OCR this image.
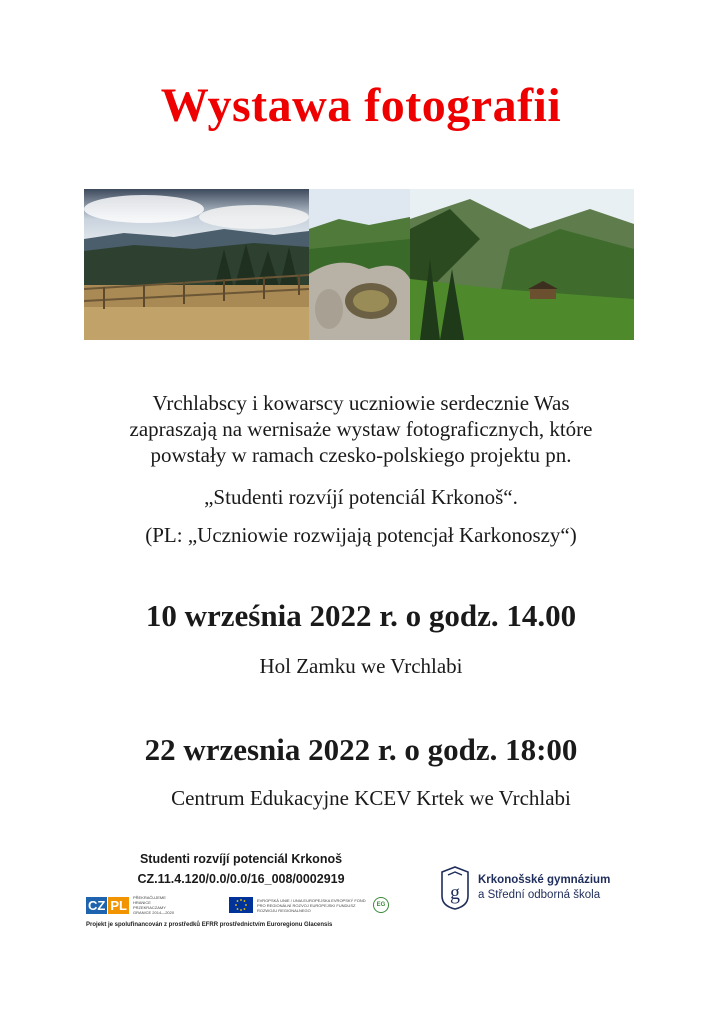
Wystawa fotografii
Vrchlabscy i kowarscy uczniowie serdecznie Was
zapraszają na wernisaże wystaw fotograficznych, które
powstały w ramach czesko-polskiego projektu pn.
„Studenti rozvíjí potenciál Krkonoš“.
(PL: „Uczniowie rozwijają potencjał Karkonoszy“)
10 września 2022 r. o godz. 14.00
Hol Zamku we Vrchlabi
22 wrzesnia 2022 r. o godz. 18:00
Centrum Edukacyjne KCEV Krtek we Vrchlabi
Studenti rozvíjí potenciál Krkonoš
CZ.11.4.120/0.0/0.0/16_008/0002919
CZ PL	PŘEKRAČUJEME HRANICE PRZEKRACZAMY GRANICE 2014—2020
EVROPSKÁ UNIE / UNIA EUROPEJSKA EVROPSKÝ FOND PRO REGIONÁLNÍ ROZVOJ EUROPEJSKI FUNDUSZ ROZWOJU REGIONALNEGO
EG
Projekt je spolufinancován z prostředků EFRR prostřednictvím Euroregionu Glacensis
g
Krkonošské gymnázium
a Střední odborná škola
